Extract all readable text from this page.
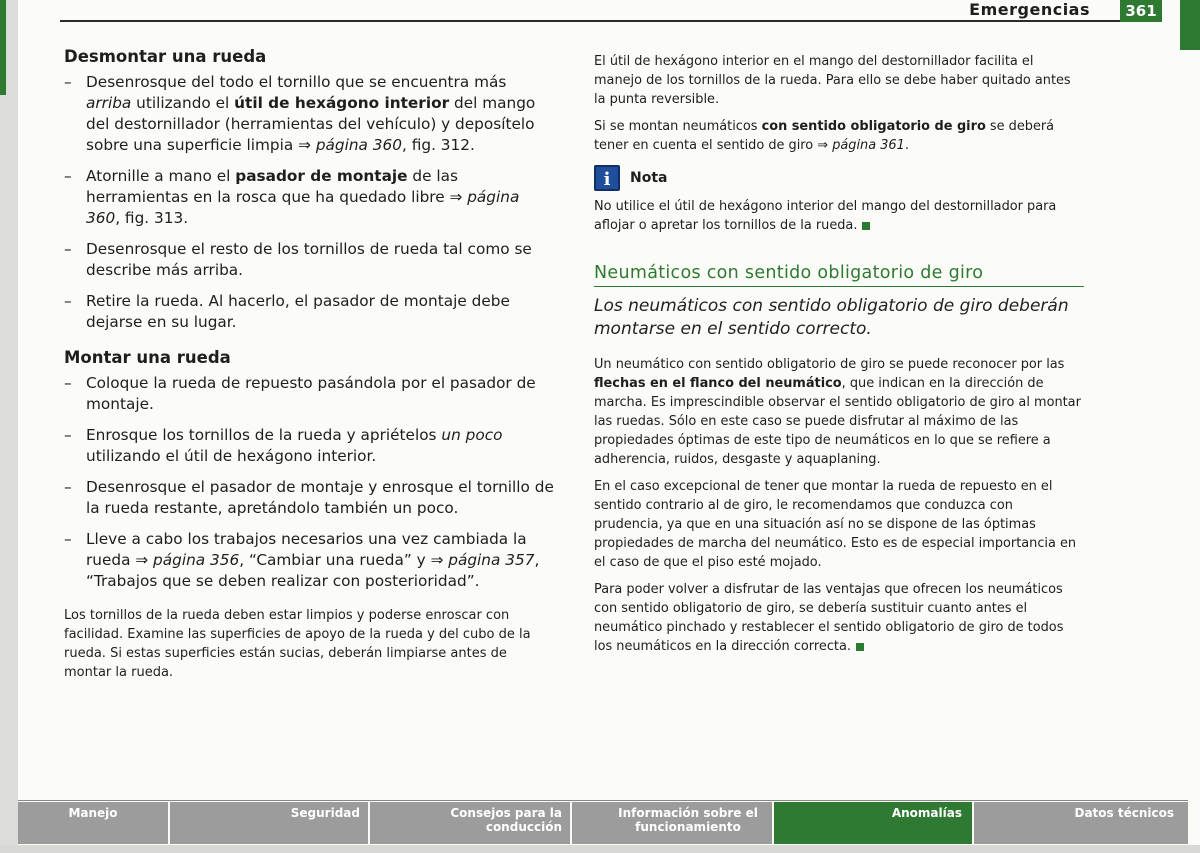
Emergencias	361
Desmontar una rueda
– Desenrosque del todo el tornillo que se encuentra más arriba utilizando el útil de hexágono interior del mango del destornillador (herramientas del vehículo) y deposítelo sobre una superficie limpia ⇒ página 360, fig. 312.
– Atornille a mano el pasador de montaje de las herramientas en la rosca que ha quedado libre ⇒ página 360, fig. 313.
– Desenrosque el resto de los tornillos de rueda tal como se describe más arriba.
– Retire la rueda. Al hacerlo, el pasador de montaje debe dejarse en su lugar.
Montar una rueda
– Coloque la rueda de repuesto pasándola por el pasador de montaje.
– Enrosque los tornillos de la rueda y apriételos un poco utilizando el útil de hexágono interior.
– Desenrosque el pasador de montaje y enrosque el tornillo de la rueda restante, apretándolo también un poco.
– Lleve a cabo los trabajos necesarios una vez cambiada la rueda ⇒ página 356, “Cambiar una rueda” y ⇒ página 357, “Trabajos que se deben realizar con posterioridad”.
Los tornillos de la rueda deben estar limpios y poderse enroscar con facilidad. Examine las superficies de apoyo de la rueda y del cubo de la rueda. Si estas superficies están sucias, deberán limpiarse antes de montar la rueda.
El útil de hexágono interior en el mango del destornillador facilita el manejo de los tornillos de la rueda. Para ello se debe haber quitado antes la punta reversible.
Si se montan neumáticos con sentido obligatorio de giro se deberá tener en cuenta el sentido de giro ⇒ página 361.
i	Nota
No utilice el útil de hexágono interior del mango del destornillador para aflojar o apretar los tornillos de la rueda.
Neumáticos con sentido obligatorio de giro
Los neumáticos con sentido obligatorio de giro deberán montarse en el sentido correcto.
Un neumático con sentido obligatorio de giro se puede reconocer por las flechas en el flanco del neumático, que indican en la dirección de marcha. Es imprescindible observar el sentido obligatorio de giro al montar las ruedas. Sólo en este caso se puede disfrutar al máximo de las propiedades óptimas de este tipo de neumáticos en lo que se refiere a adherencia, ruidos, desgaste y aquaplaning.
En el caso excepcional de tener que montar la rueda de repuesto en el sentido contrario al de giro, le recomendamos que conduzca con prudencia, ya que en una situación así no se dispone de las óptimas propiedades de marcha del neumático. Esto es de especial importancia en el caso de que el piso esté mojado.
Para poder volver a disfrutar de las ventajas que ofrecen los neumáticos con sentido obligatorio de giro, se debería sustituir cuanto antes el neumático pinchado y restablecer el sentido obligatorio de giro de todos los neumáticos en la dirección correcta.
Manejo	Seguridad	Consejos para la conducción
Información sobre el funcionamiento
Anomalías	Datos técnicos
